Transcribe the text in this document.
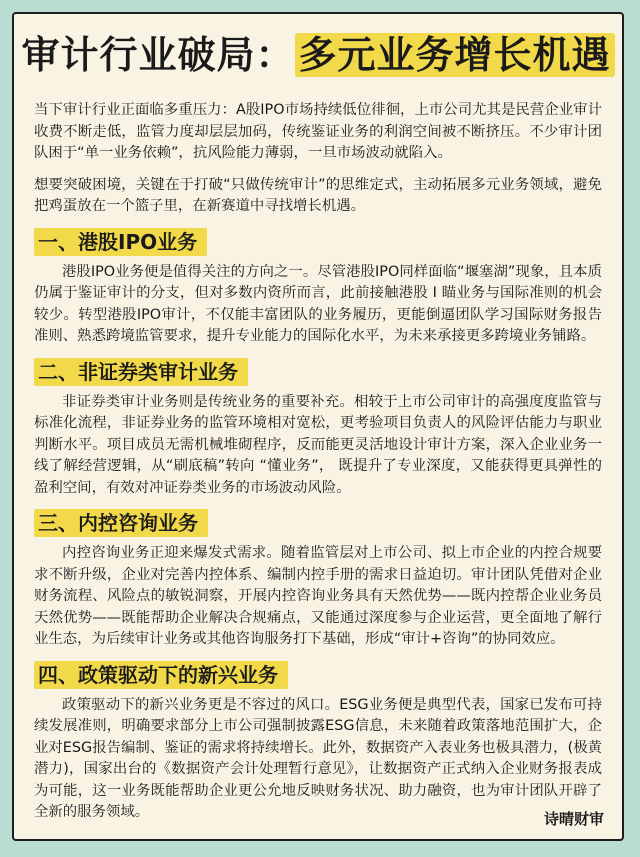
审计行业破局： 多元业务增长机遇

当下审计行业正面临多重压力：A股IPO市场持续低位徘徊，上市公司尤其是民营企业审计收费不断走低，监管力度却层层加码，传统鉴证业务的利润空间被不断挤压。不少审计团队困于“单一业务依赖”，抗风险能力薄弱，一旦市场波动就陷入。

想要突破困境，关键在于打破“只做传统审计”的思维定式，主动拓展多元业务领域，避免把鸡蛋放在一个篮子里，在新赛道中寻找增长机遇。

一、港股IPO业务

港股IPO业务便是值得关注的方向之一。尽管港股IPO同样面临“堰塞湖”现象，且本质仍属于鉴证审计的分支，但对多数内资所而言，此前接触港股 I 瞄业务与国际准则的机会较少。转型港股IPO审计，不仅能丰富团队的业务履历，更能倒逼团队学习国际财务报告准则、熟悉跨境监管要求，提升专业能力的国际化水平，为未来承接更多跨境业务铺路。

二、非证券类审计业务

非证券类审计业务则是传统业务的重要补充。相较于上市公司审计的高强度度监管与标准化流程，非证券业务的监管环境相对宽松，更考验项目负责人的风险评估能力与职业判断水平。项目成员无需机械堆砌程序，反而能更灵活地设计审计方案，深入企业业务一线了解经营逻辑，从“刷底稿”转向 “懂业务”， 既提升了专业深度，又能获得更具弹性的盈利空间，有效对冲证券类业务的市场波动风险。

三、内控咨询业务

内控咨询业务正迎来爆发式需求。随着监管层对上市公司、拟上市企业的内控合规要求不断升级，企业对完善内控体系、编制内控手册的需求日益迫切。审计团队凭借对企业财务流程、风险点的敏锐洞察，开展内控咨询业务具有天然优势——既内控帮企业业务员天然优势——既能帮助企业解决合规痛点，又能通过深度参与企业运营，更全面地了解行业生态，为后续审计业务或其他咨询服务打下基础，形成“审计+咨询”的协同效应。

四、政策驱动下的新兴业务

政策驱动下的新兴业务更是不容过的风口。ESG业务便是典型代表，国家已发布可持续发展准则，明确要求部分上市公司强制披露ESG信息，未来随着政策落地范围扩大，企业对ESG报告编制、鉴证的需求将持续增长。此外，数据资产入表业务也极具潜力，(极黄潜力)，国家出台的《数据资产会计处理暂行意见》，让数据资产正式纳入企业财务报表成为可能，这一业务既能帮助企业更公允地反映财务状况、助力融资，也为审计团队开辟了全新的服务领域。	诗晴财审
